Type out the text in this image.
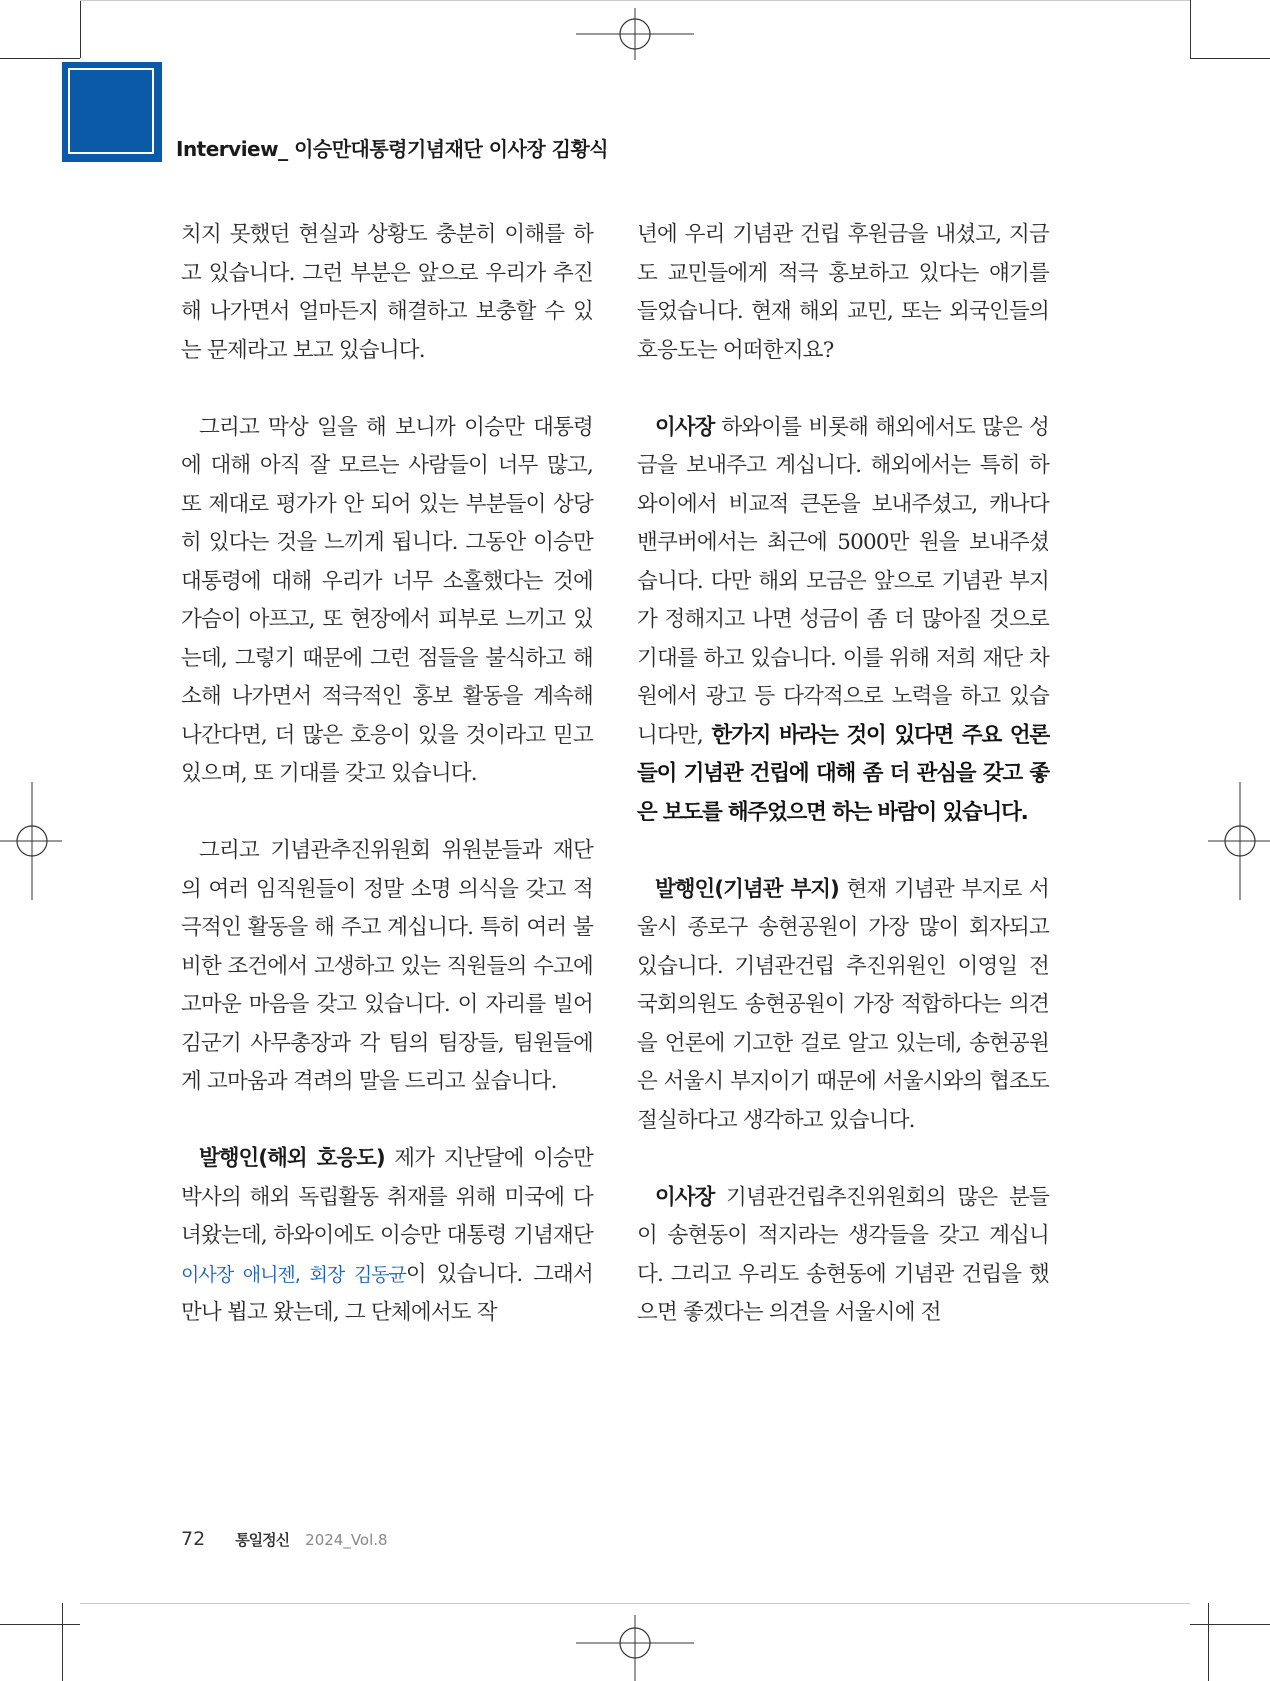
Interview_ 이승만대통령기념재단 이사장 김황식

치지 못했던 현실과 상황도 충분히 이해를 하고 있습니다. 그런 부분은 앞으로 우리가 추진해 나가면서 얼마든지 해결하고 보충할 수 있는 문제라고 보고 있습니다.

그리고 막상 일을 해 보니까 이승만 대통령에 대해 아직 잘 모르는 사람들이 너무 많고, 또 제대로 평가가 안 되어 있는 부분들이 상당히 있다는 것을 느끼게 됩니다. 그동안 이승만 대통령에 대해 우리가 너무 소홀했다는 것에 가슴이 아프고, 또 현장에서 피부로 느끼고 있는데, 그렇기 때문에 그런 점들을 불식하고 해소해 나가면서 적극적인 홍보 활동을 계속해 나간다면, 더 많은 호응이 있을 것이라고 믿고 있으며, 또 기대를 갖고 있습니다.

그리고 기념관추진위원회 위원분들과 재단의 여러 임직원들이 정말 소명 의식을 갖고 적극적인 활동을 해 주고 계십니다. 특히 여러 불비한 조건에서 고생하고 있는 직원들의 수고에 고마운 마음을 갖고 있습니다. 이 자리를 빌어 김군기 사무총장과 각 팀의 팀장들, 팀원들에게 고마움과 격려의 말을 드리고 싶습니다.

발행인(해외 호응도) 제가 지난달에 이승만 박사의 해외 독립활동 취재를 위해 미국에 다녀왔는데, 하와이에도 이승만 대통령 기념재단이사장 애니젠, 회장 김동균이 있습니다. 그래서 만나 뵙고 왔는데, 그 단체에서도 작

년에 우리 기념관 건립 후원금을 내셨고, 지금도 교민들에게 적극 홍보하고 있다는 얘기를 들었습니다. 현재 해외 교민, 또는 외국인들의 호응도는 어떠한지요?

이사장 하와이를 비롯해 해외에서도 많은 성금을 보내주고 계십니다. 해외에서는 특히 하와이에서 비교적 큰돈을 보내주셨고, 캐나다 밴쿠버에서는 최근에 5000만 원을 보내주셨습니다. 다만 해외 모금은 앞으로 기념관 부지가 정해지고 나면 성금이 좀 더 많아질 것으로 기대를 하고 있습니다. 이를 위해 저희 재단 차원에서 광고 등 다각적으로 노력을 하고 있습니다만, 한가지 바라는 것이 있다면 주요 언론들이 기념관 건립에 대해 좀 더 관심을 갖고 좋은 보도를 해주었으면 하는 바람이 있습니다.

발행인(기념관 부지) 현재 기념관 부지로 서울시 종로구 송현공원이 가장 많이 회자되고 있습니다. 기념관건립 추진위원인 이영일 전 국회의원도 송현공원이 가장 적합하다는 의견을 언론에 기고한 걸로 알고 있는데, 송현공원은 서울시 부지이기 때문에 서울시와의 협조도 절실하다고 생각하고 있습니다.

이사장 기념관건립추진위원회의 많은 분들이 송현동이 적지라는 생각들을 갖고 계십니다. 그리고 우리도 송현동에 기념관 건립을 했으면 좋겠다는 의견을 서울시에 전

72 통일정신 2024_Vol.8
